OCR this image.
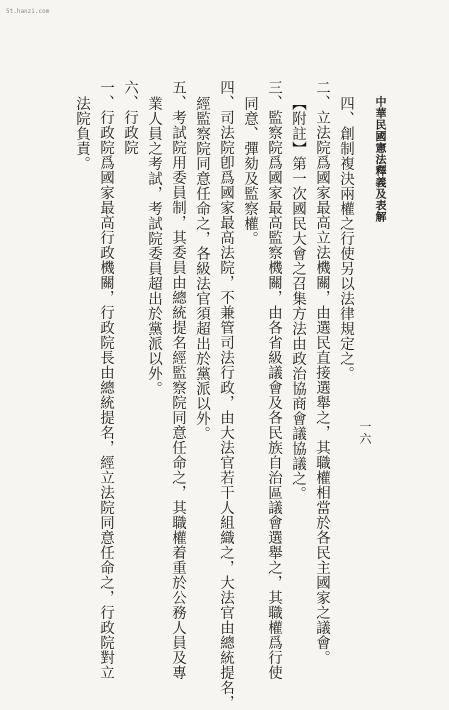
5t.hanzi.com
中華民國憲法釋義及表解
一六
四、創制複決兩權之行使另以法律規定之。
二、立法院爲國家最高立法機關，由選民直接選舉之，其職權相當於各民主國家之議會。
【附註】第一次國民大會之召集方法由政治協商會議協議之。
三、監察院爲國家最高監察機關，由各省級議會及各民族自治區議會選舉之，其職權爲行使
同意、彈劾及監察權。
四、司法院卽爲國家最高法院，不兼管司法行政，由大法官若干人組織之，大法官由總統提名，
經監察院同意任命之，各級法官須超出於黨派以外。
五、考試院用委員制，其委員由總統提名經監察院同意任命之，其職權着重於公務人員及專
業人員之考試，考試院委員超出於黨派以外。
六、行政院
一、行政院爲國家最高行政機關，行政院長由總統提名，經立法院同意任命之，行政院對立
法院負責。
